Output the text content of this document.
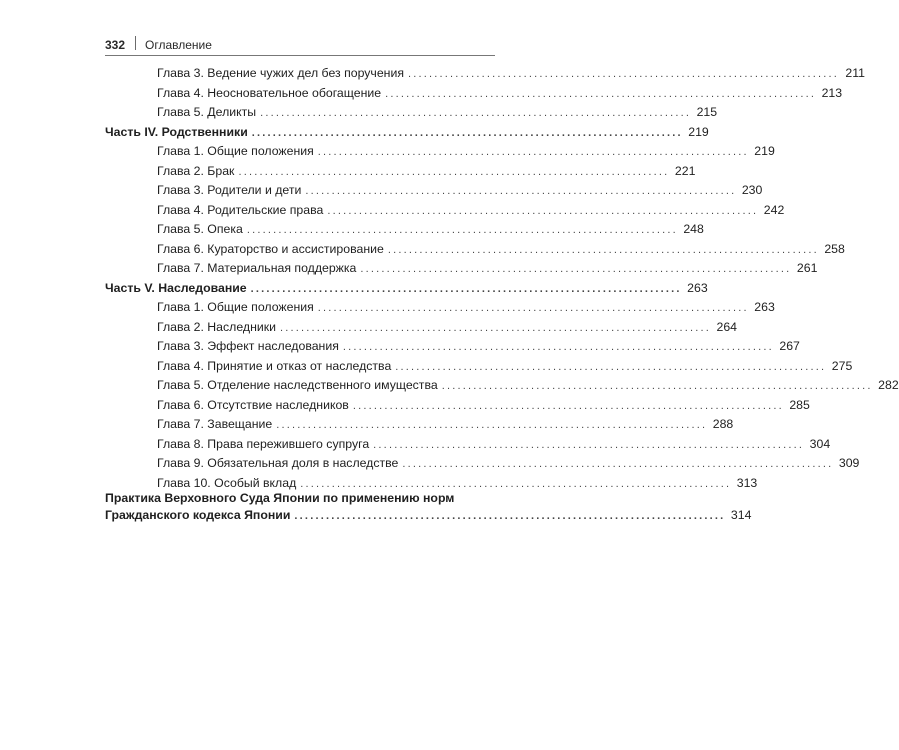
332 Оглавление
Глава 3. Ведение чужих дел без поручения .................................................................................. 211
Глава 4. Неосновательное обогащение .................................................................................. 213
Глава 5. Деликты .................................................................................. 215
Часть IV. Родственники .................................................................................. 219
Глава 1. Общие положения .................................................................................. 219
Глава 2. Брак .................................................................................. 221
Глава 3. Родители и дети .................................................................................. 230
Глава 4. Родительские права .................................................................................. 242
Глава 5. Опека .................................................................................. 248
Глава 6. Кураторство и ассистирование .................................................................................. 258
Глава 7. Материальная поддержка .................................................................................. 261
Часть V. Наследование .................................................................................. 263
Глава 1. Общие положения .................................................................................. 263
Глава 2. Наследники .................................................................................. 264
Глава 3. Эффект наследования .................................................................................. 267
Глава 4. Принятие и отказ от наследства .................................................................................. 275
Глава 5. Отделение наследственного имущества .................................................................................. 282
Глава 6. Отсутствие наследников .................................................................................. 285
Глава 7. Завещание .................................................................................. 288
Глава 8. Права пережившего супруга .................................................................................. 304
Глава 9. Обязательная доля в наследстве .................................................................................. 309
Глава 10. Особый вклад .................................................................................. 313
Практика Верховного Суда Японии по применению норм
Гражданского кодекса Японии .................................................................................. 314
